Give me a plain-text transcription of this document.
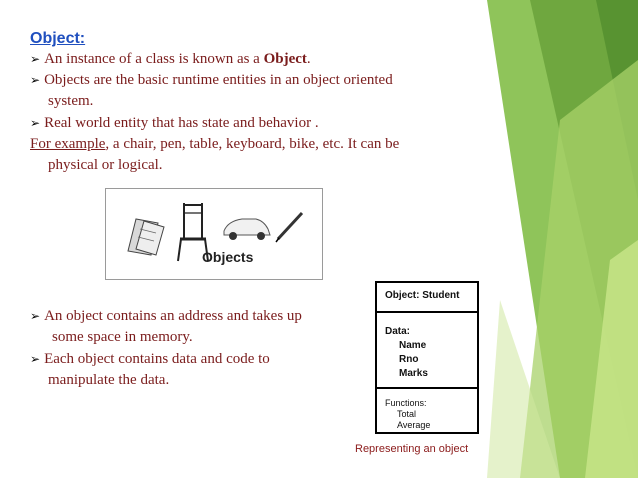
Object:
➢ An instance of a class is known as a Object.
➢ Objects are the basic runtime entities in an object oriented
system.
➢ Real world entity that has state and behavior .
For example, a chair, pen, table, keyboard, bike, etc. It can be
physical or logical.
Objects
➢ An object contains an address and takes up
some space in memory.
➢ Each object contains data and code to
manipulate the data.
Object: Student
Data:
Name
Rno
Marks
Functions:
Total
Average
Representing an object
